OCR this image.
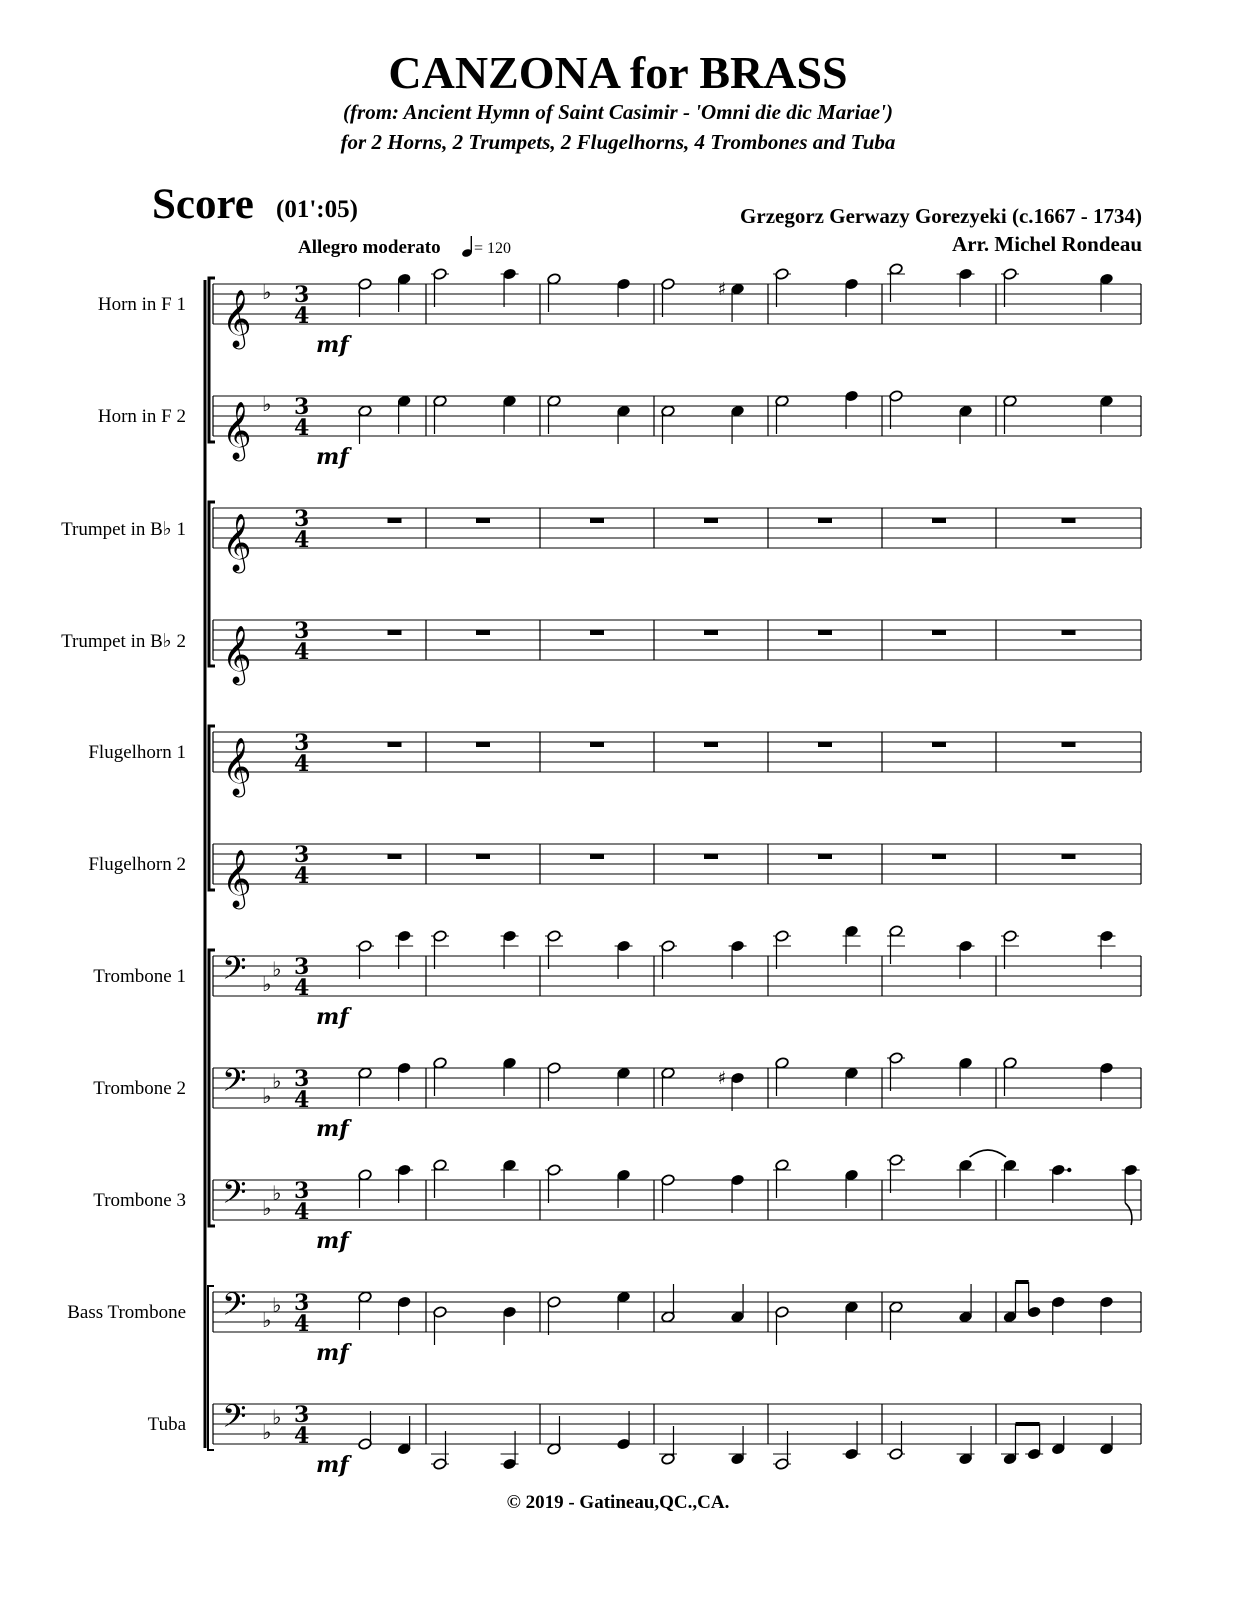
CANZONA for BRASS
(from: Ancient Hymn of Saint Casimir - 'Omni die dic Mariae')
for 2 Horns, 2 Trumpets, 2 Flugelhorns, 4 Trombones and Tuba
Score (01':05)	Grzegorz Gerwazy Gorezyeki (c.1667 - 1734)
Arr. Michel Rondeau
Allegro moderato = 120
Horn in F 1
Horn in F 2
Trumpet in B♭ 1
Trumpet in B♭ 2
Flugelhorn 1
Flugelhorn 2
Trombone 1
Trombone 2
Trombone 3
Bass Trombone
Tuba
𝄞 ♭ 3
4
mf
♯
𝄞 ♭ 3
4
mf
𝄞 3
4
𝄞 3
4
𝄞 3
4
𝄞 3
4
𝄢 ♭
♭ 3
4
mf
𝄢 ♭
♭ 3
4
mf
♯
𝄢 ♭
♭ 3
4
mf
𝄢 ♭
♭ 3
4
mf
𝄢 ♭
♭ 3
4
mf
© 2019 - Gatineau,QC.,CA.
